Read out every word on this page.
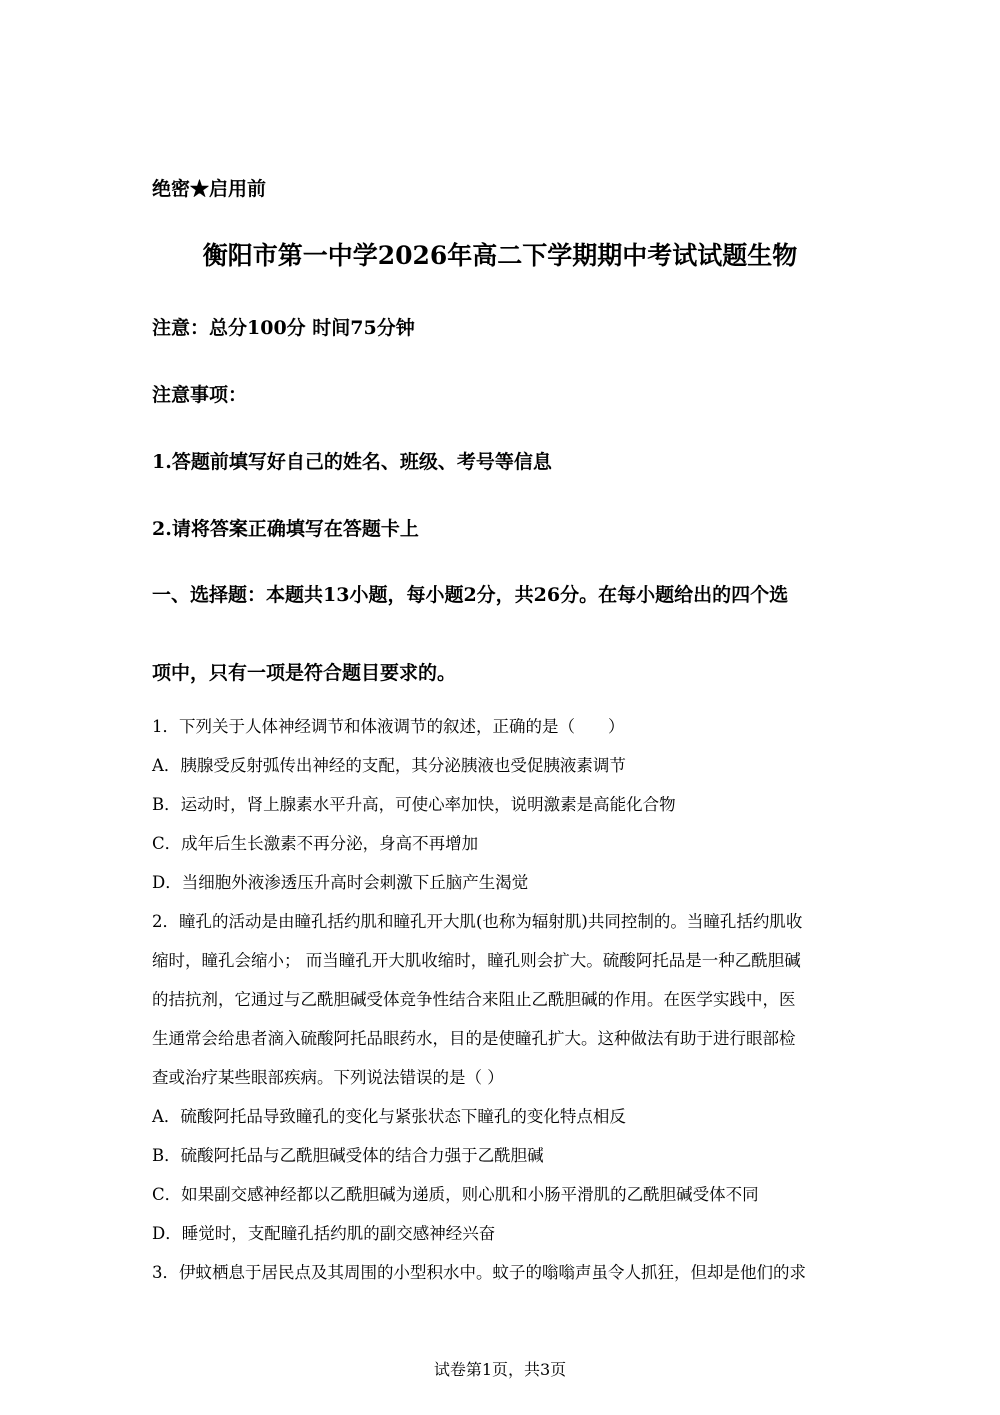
绝密★启用前
衡阳市第一中学2026年高二下学期期中考试试题生物
注意：总分100分 时间75分钟
注意事项：
1.答题前填写好自己的姓名、班级、考号等信息
2.请将答案正确填写在答题卡上
一、选择题：本题共13小题，每小题2分，共26分。在每小题给出的四个选
项中，只有一项是符合题目要求的。
1．下列关于人体神经调节和体液调节的叙述，正确的是（　　）
A．胰腺受反射弧传出神经的支配，其分泌胰液也受促胰液素调节
B．运动时，肾上腺素水平升高，可使心率加快，说明激素是高能化合物
C．成年后生长激素不再分泌，身高不再增加
D．当细胞外液渗透压升高时会刺激下丘脑产生渴觉
2．瞳孔的活动是由瞳孔括约肌和瞳孔开大肌(也称为辐射肌)共同控制的。当瞳孔括约肌收
缩时，瞳孔会缩小； 而当瞳孔开大肌收缩时，瞳孔则会扩大。硫酸阿托品是一种乙酰胆碱
的拮抗剂，它通过与乙酰胆碱受体竞争性结合来阻止乙酰胆碱的作用。在医学实践中，医
生通常会给患者滴入硫酸阿托品眼药水，目的是使瞳孔扩大。这种做法有助于进行眼部检
查或治疗某些眼部疾病。下列说法错误的是（ ）
A．硫酸阿托品导致瞳孔的变化与紧张状态下瞳孔的变化特点相反
B．硫酸阿托品与乙酰胆碱受体的结合力强于乙酰胆碱
C．如果副交感神经都以乙酰胆碱为递质，则心肌和小肠平滑肌的乙酰胆碱受体不同
D．睡觉时，支配瞳孔括约肌的副交感神经兴奋
3．伊蚊栖息于居民点及其周围的小型积水中。蚊子的嗡嗡声虽令人抓狂，但却是他们的求
试卷第1页，共3页
